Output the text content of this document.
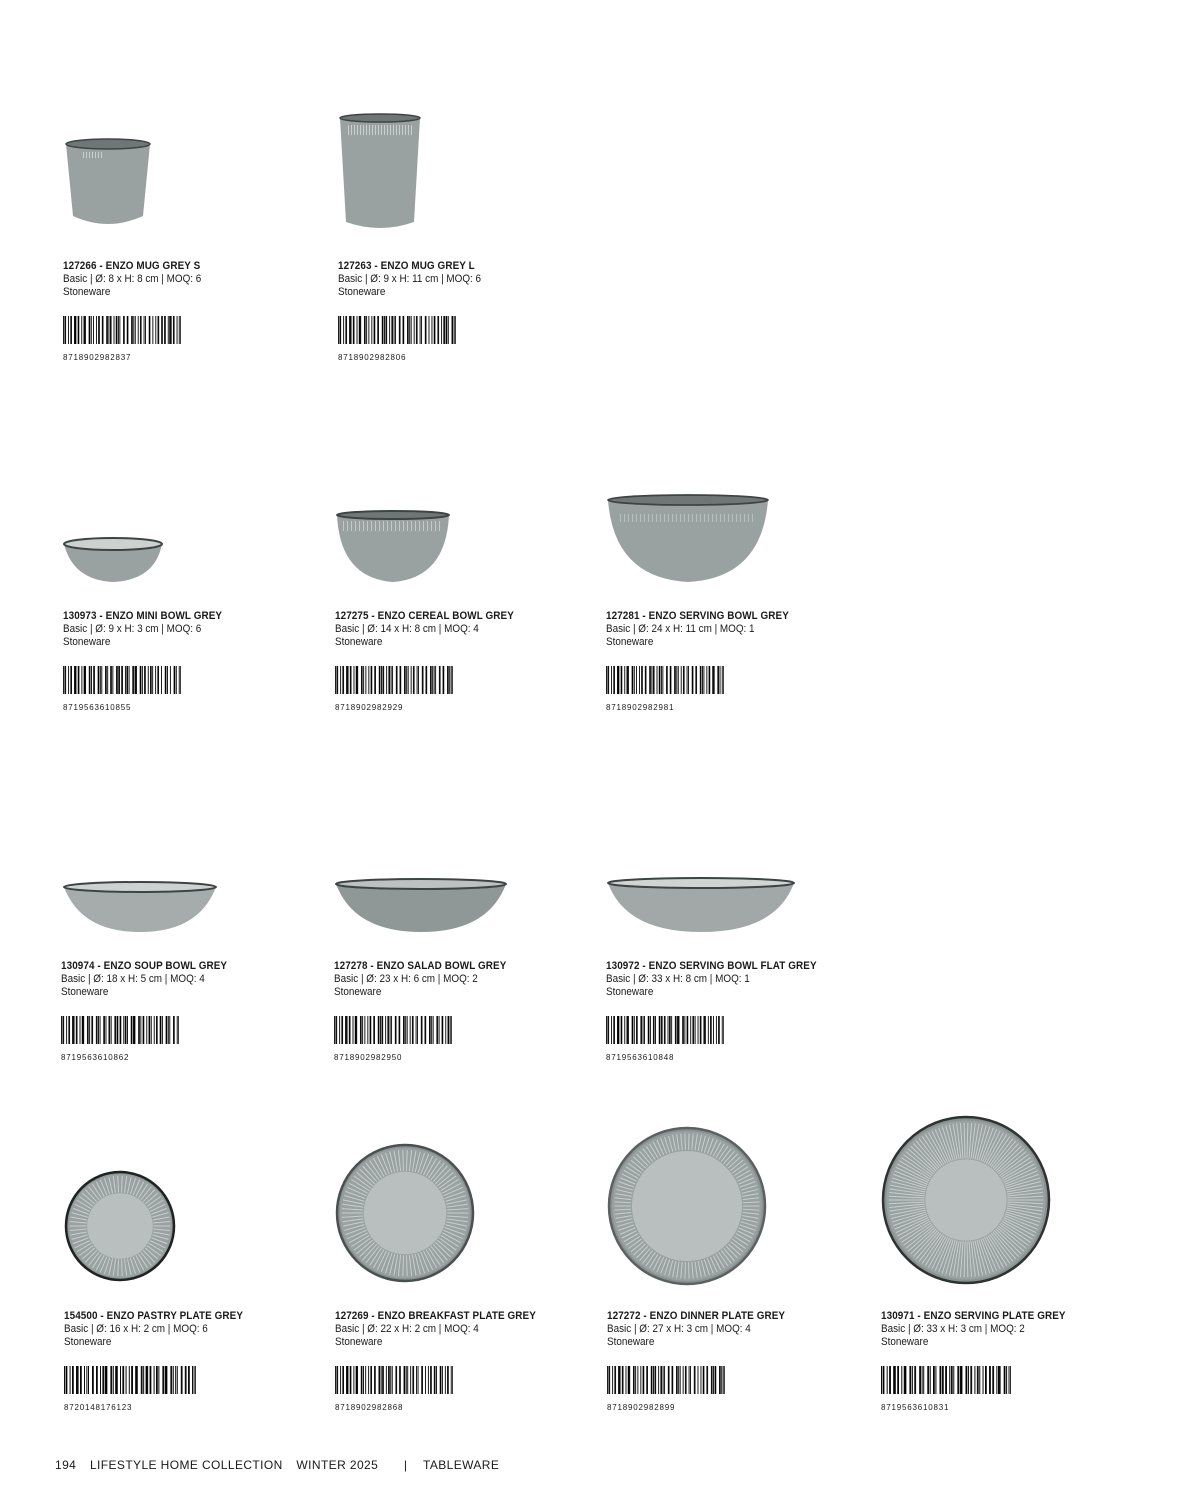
127266 - ENZO MUG GREY S
Basic | Ø: 8 x H: 8 cm | MOQ: 6
Stoneware
8718902982837
127263 - ENZO MUG GREY L
Basic | Ø: 9 x H: 11 cm | MOQ: 6
Stoneware
8718902982806
130973 - ENZO MINI BOWL GREY
Basic | Ø: 9 x H: 3 cm | MOQ: 6
Stoneware
8719563610855
127275 - ENZO CEREAL BOWL GREY
Basic | Ø: 14 x H: 8 cm | MOQ: 4
Stoneware
8718902982929
127281 - ENZO SERVING BOWL GREY
Basic | Ø: 24 x H: 11 cm | MOQ: 1
Stoneware
8718902982981
130974 - ENZO SOUP BOWL GREY
Basic | Ø: 18 x H: 5 cm | MOQ: 4
Stoneware
8719563610862
127278 - ENZO SALAD BOWL GREY
Basic | Ø: 23 x H: 6 cm | MOQ: 2
Stoneware
8718902982950
130972 - ENZO SERVING BOWL FLAT GREY
Basic | Ø: 33 x H: 8 cm | MOQ: 1
Stoneware
8719563610848
154500 - ENZO PASTRY PLATE GREY
Basic | Ø: 16 x H: 2 cm | MOQ: 6
Stoneware
8720148176123
127269 - ENZO BREAKFAST PLATE GREY
Basic | Ø: 22 x H: 2 cm | MOQ: 4
Stoneware
8718902982868
127272 - ENZO DINNER PLATE GREY
Basic | Ø: 27 x H: 3 cm | MOQ: 4
Stoneware
8718902982899
130971 - ENZO SERVING PLATE GREY
Basic | Ø: 33 x H: 3 cm | MOQ: 2
Stoneware
8719563610831
194 LIFESTYLE HOME COLLECTION WINTER 2025 | TABLEWARE
